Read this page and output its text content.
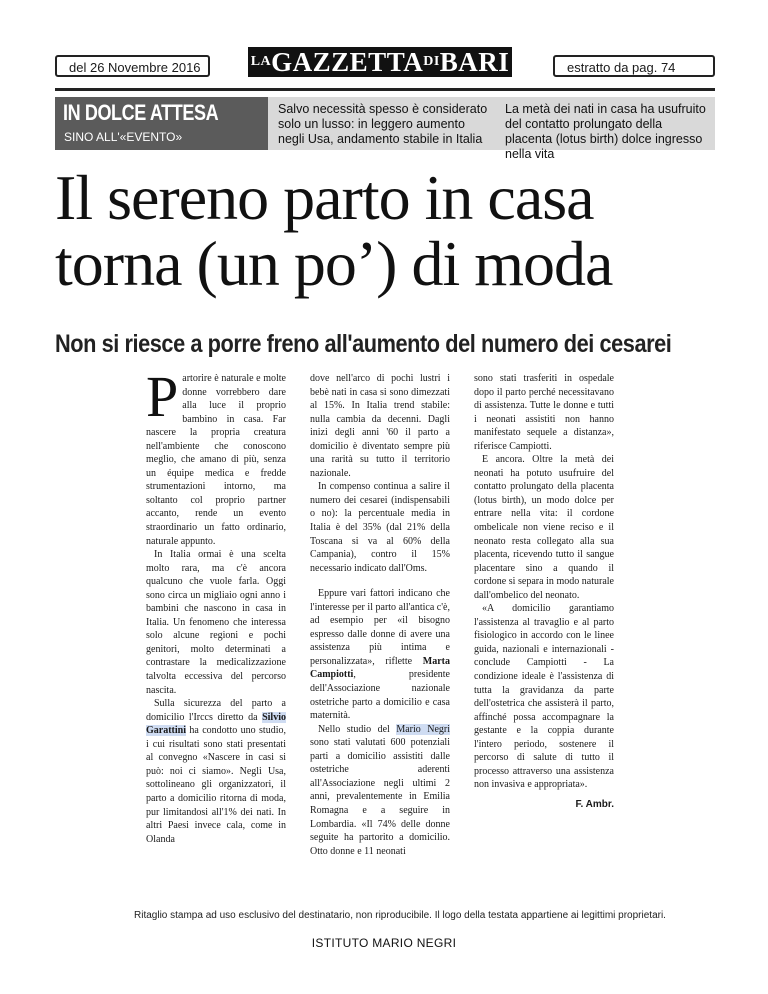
del 26 Novembre 2016	$^{LA}GAZZETTA^{DI}BARI$	estratto da pag. 74
IN DOLCE ATTESA
SINO ALL'«EVENTO»
Salvo necessità spesso è considerato solo un lusso: in leggero aumento negli Usa, andamento stabile in Italia
La metà dei nati in casa ha usufruito del contatto prolungato della placenta (lotus birth) dolce ingresso nella vita
Il sereno parto in casa torna (un po’) di moda
Non si riesce a porre freno all'aumento del numero dei cesarei

Partorire è naturale e molte donne vorrebbero dare alla luce il proprio bambino in casa. Far nascere la propria creatura nell'ambiente che conoscono meglio, che amano di più, senza un équipe medica e fredde strumentazioni intorno, ma soltanto col proprio partner accanto, rende un evento straordinario un fatto ordinario, naturale appunto.

In Italia ormai è una scelta molto rara, ma c'è ancora qualcuno che vuole farla. Oggi sono circa un migliaio ogni anno i bambini che nascono in casa in Italia. Un fenomeno che interessa solo alcune regioni e pochi genitori, molto determinati a contrastare la medicalizzazione talvolta eccessiva del percorso nascita.

Sulla sicurezza del parto a domicilio l'Irccs diretto da Silvio Garattini ha condotto uno studio, i cui risultati sono stati presentati al convegno «Nascere in casi si può: noi ci siamo». Negli Usa, sottolineano gli organizzatori, il parto a domicilio ritorna di moda, pur limitandosi all'1% dei nati. In altri Paesi invece cala, come in Olanda

dove nell'arco di pochi lustri i bebè nati in casa si sono dimezzati al 15%. In Italia trend stabile: nulla cambia da decenni. Dagli inizi degli anni '60 il parto a domicilio è diventato sempre più una rarità su tutto il territorio nazionale.

In compenso continua a salire il numero dei cesarei (indispensabili o no): la percentuale media in Italia è del 35% (dal 21% della Toscana si va al 60% della Campania), contro il 15% necessario indicato dall'Oms.

Eppure vari fattori indicano che l'interesse per il parto all'antica c'è, ad esempio per «il bisogno espresso dalle donne di avere una assistenza più intima e personalizzata», riflette Marta Campiotti, presidente dell'Associazione nazionale ostetriche parto a domicilio e casa maternità.

Nello studio del Mario Negri sono stati valutati 600 potenziali parti a domicilio assistiti dalle ostetriche aderenti all'Associazione negli ultimi 2 anni, prevalentemente in Emilia Romagna e a seguire in Lombardia. «Il 74% delle donne seguite ha partorito a domicilio. Otto donne e 11 neonati

sono stati trasferiti in ospedale dopo il parto perché necessitavano di assistenza. Tutte le donne e tutti i neonati assistiti non hanno manifestato sequele a distanza», riferisce Campiotti.

E ancora. Oltre la metà dei neonati ha potuto usufruire del contatto prolungato della placenta (lotus birth), un modo dolce per entrare nella vita: il cordone ombelicale non viene reciso e il neonato resta collegato alla sua placenta, ricevendo tutto il sangue placentare sino a quando il cordone si separa in modo naturale dall'ombelico del neonato.

«A domicilio garantiamo l'assistenza al travaglio e al parto fisiologico in accordo con le linee guida, nazionali e internazionali - conclude Campiotti - La condizione ideale è l'assistenza di tutta la gravidanza da parte dell'ostetrica che assisterà il parto, affinché possa accompagnare la gestante e la coppia durante l'intero periodo, sostenere il percorso di salute di tutto il processo attraverso una assistenza non invasiva e appropriata».

F. Ambr.
Ritaglio stampa ad uso esclusivo del destinatario, non riproducibile. Il logo della testata appartiene ai legittimi proprietari.
ISTITUTO MARIO NEGRI
